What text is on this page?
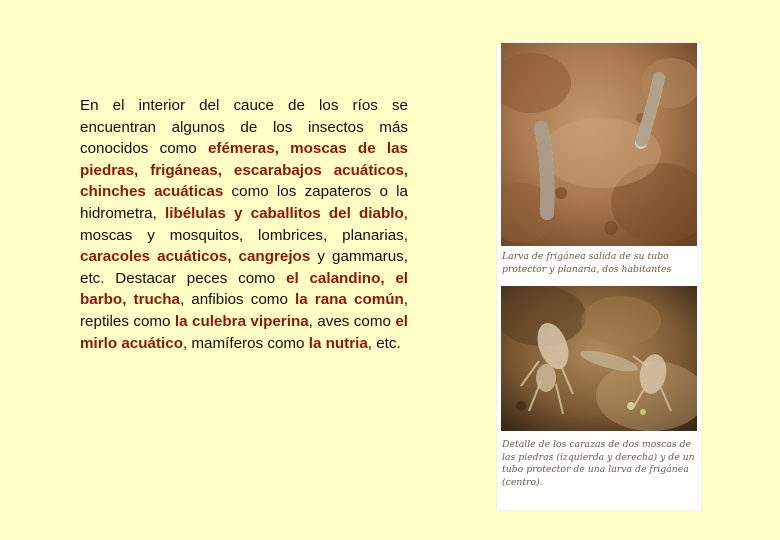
En el interior del cauce de los ríos se encuentran algunos de los insectos más conocidos como efémeras, moscas de las piedras, frigáneas, escarabajos acuáticos, chinches acuáticas como los zapateros o la hidrometra, libélulas y caballitos del diablo, moscas y mosquitos, lombrices, planarias, caracoles acuáticos, cangrejos y gammarus, etc. Destacar peces como el calandino, el barbo, trucha, anfibios como la rana común, reptiles como la culebra viperina, aves como el mirlo acuático, mamíferos como la nutria, etc.
Larva de frigánea salida de su tubo protector y planaria, dos habitantes
Detalle de los carazas de dos moscas de las piedras (izquierda y derecha) y de un tubo protector de una larva de frigánea (centro).
